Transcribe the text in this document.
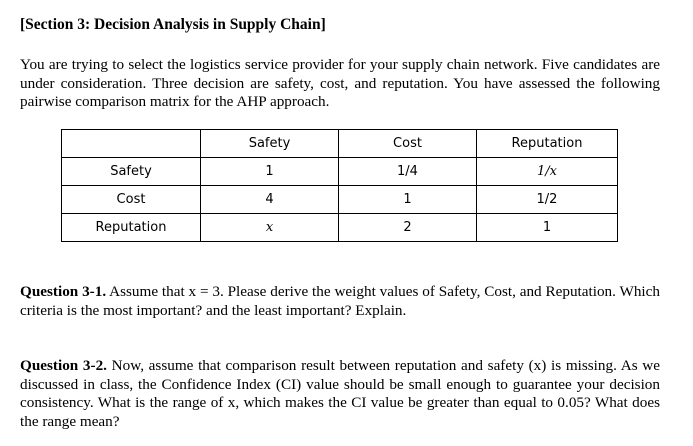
[Section 3: Decision Analysis in Supply Chain]
You are trying to select the logistics service provider for your supply chain network. Five candidates are under consideration. Three decision are safety, cost, and reputation. You have assessed the following pairwise comparison matrix for the AHP approach.
	Safety	Cost	Reputation
Safety	1	1/4	1/x
Cost	4	1	1/2
Reputation	x	2	1
Question 3-1. Assume that x = 3. Please derive the weight values of Safety, Cost, and Reputation. Which criteria is the most important? and the least important? Explain.
Question 3-2. Now, assume that comparison result between reputation and safety (x) is missing. As we discussed in class, the Confidence Index (CI) value should be small enough to guarantee your decision consistency. What is the range of x, which makes the CI value be greater than equal to 0.05? What does the range mean?
